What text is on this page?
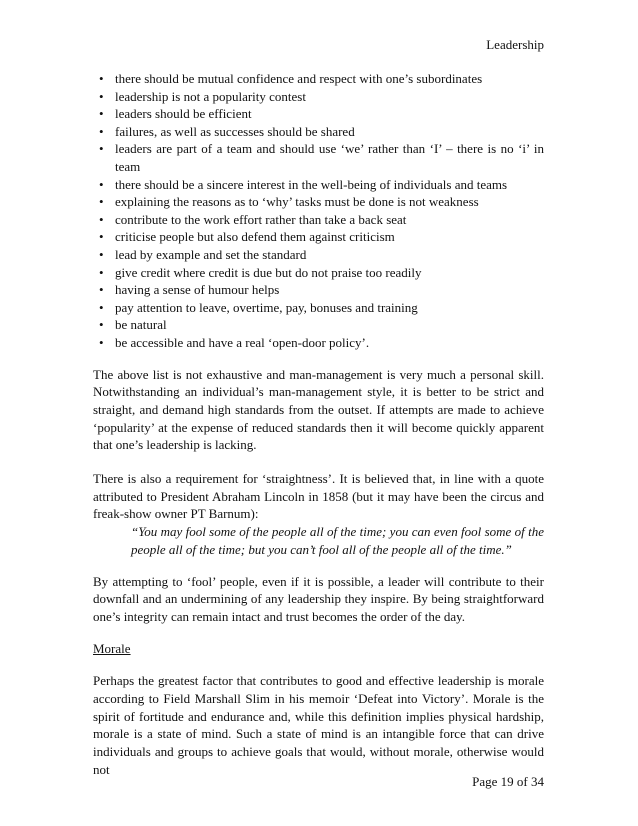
Leadership
• there should be mutual confidence and respect with one’s subordinates
• leadership is not a popularity contest
• leaders should be efficient
• failures, as well as successes should be shared
• leaders are part of a team and should use ‘we’ rather than ‘I’ – there is no ‘i’ in team
• there should be a sincere interest in the well-being of individuals and teams
• explaining the reasons as to ‘why’ tasks must be done is not weakness
• contribute to the work effort rather than take a back seat
• criticise people but also defend them against criticism
• lead by example and set the standard
• give credit where credit is due but do not praise too readily
• having a sense of humour helps
• pay attention to leave, overtime, pay, bonuses and training
• be natural
• be accessible and have a real ‘open-door policy’.

The above list is not exhaustive and man-management is very much a personal skill. Notwithstanding an individual’s man-management style, it is better to be strict and straight, and demand high standards from the outset. If attempts are made to achieve ‘popularity’ at the expense of reduced standards then it will become quickly apparent that one’s leadership is lacking.

There is also a requirement for ‘straightness’. It is believed that, in line with a quote attributed to President Abraham Lincoln in 1858 (but it may have been the circus and freak-show owner PT Barnum):

“You may fool some of the people all of the time; you can even fool some of the people all of the time; but you can’t fool all of the people all of the time.”

By attempting to ‘fool’ people, even if it is possible, a leader will contribute to their downfall and an undermining of any leadership they inspire. By being straightforward one’s integrity can remain intact and trust becomes the order of the day.

Morale

Perhaps the greatest factor that contributes to good and effective leadership is morale according to Field Marshall Slim in his memoir ‘Defeat into Victory’. Morale is the spirit of fortitude and endurance and, while this definition implies physical hardship, morale is a state of mind. Such a state of mind is an intangible force that can drive individuals and groups to achieve goals that would, without morale, otherwise would not

Page 19 of 34
